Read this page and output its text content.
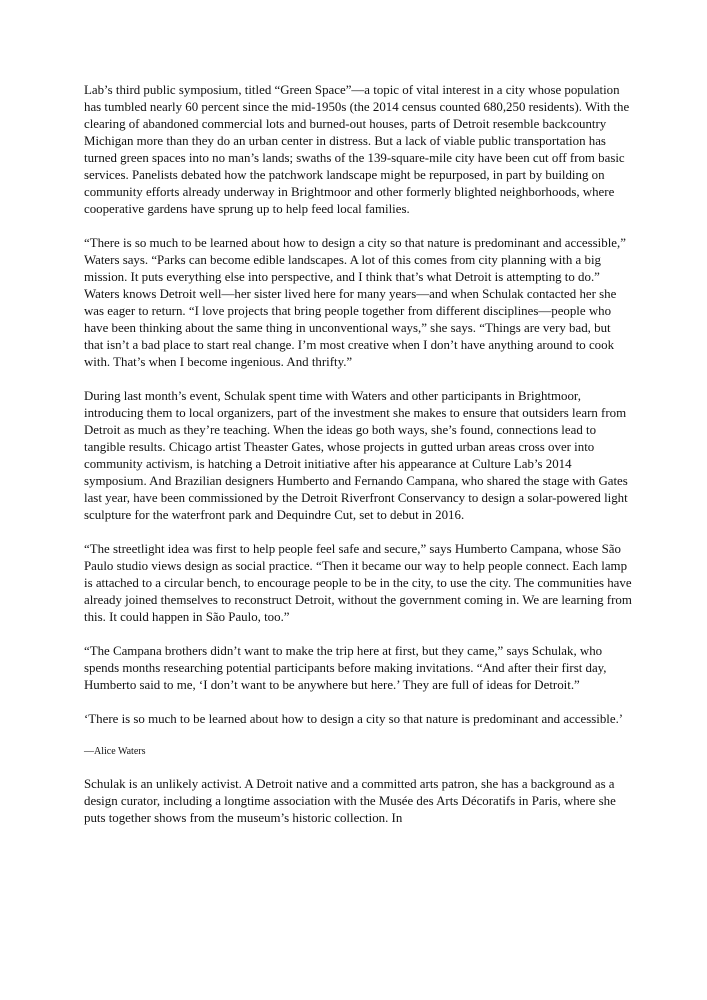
Lab’s third public symposium, titled “Green Space”—a topic of vital interest in a city whose population has tumbled nearly 60 percent since the mid-1950s (the 2014 census counted 680,250 residents). With the clearing of abandoned commercial lots and burned-out houses, parts of Detroit resemble backcountry Michigan more than they do an urban center in distress. But a lack of viable public transportation has turned green spaces into no man’s lands; swaths of the 139-square-mile city have been cut off from basic services. Panelists debated how the patchwork landscape might be repurposed, in part by building on community efforts already underway in Brightmoor and other formerly blighted neighborhoods, where cooperative gardens have sprung up to help feed local families.

“There is so much to be learned about how to design a city so that nature is predominant and accessible,” Waters says. “Parks can become edible landscapes. A lot of this comes from city planning with a big mission. It puts everything else into perspective, and I think that’s what Detroit is attempting to do.” Waters knows Detroit well—her sister lived here for many years—and when Schulak contacted her she was eager to return. “I love projects that bring people together from different disciplines—people who have been thinking about the same thing in unconventional ways,” she says. “Things are very bad, but that isn’t a bad place to start real change. I’m most creative when I don’t have anything around to cook with. That’s when I become ingenious. And thrifty.”

During last month’s event, Schulak spent time with Waters and other participants in Brightmoor, introducing them to local organizers, part of the investment she makes to ensure that outsiders learn from Detroit as much as they’re teaching. When the ideas go both ways, she’s found, connections lead to tangible results. Chicago artist Theaster Gates, whose projects in gutted urban areas cross over into community activism, is hatching a Detroit initiative after his appearance at Culture Lab’s 2014 symposium. And Brazilian designers Humberto and Fernando Campana, who shared the stage with Gates last year, have been commissioned by the Detroit Riverfront Conservancy to design a solar-powered light sculpture for the waterfront park and Dequindre Cut, set to debut in 2016.

“The streetlight idea was first to help people feel safe and secure,” says Humberto Campana, whose São Paulo studio views design as social practice. “Then it became our way to help people connect. Each lamp is attached to a circular bench, to encourage people to be in the city, to use the city. The communities have already joined themselves to reconstruct Detroit, without the government coming in. We are learning from this. It could happen in São Paulo, too.”

“The Campana brothers didn’t want to make the trip here at first, but they came,” says Schulak, who spends months researching potential participants before making invitations. “And after their first day, Humberto said to me, ‘I don’t want to be anywhere but here.’ They are full of ideas for Detroit.”

‘There is so much to be learned about how to design a city so that nature is predominant and accessible.’

—Alice Waters

Schulak is an unlikely activist. A Detroit native and a committed arts patron, she has a background as a design curator, including a longtime association with the Musée des Arts Décoratifs in Paris, where she puts together shows from the museum’s historic collection. In
